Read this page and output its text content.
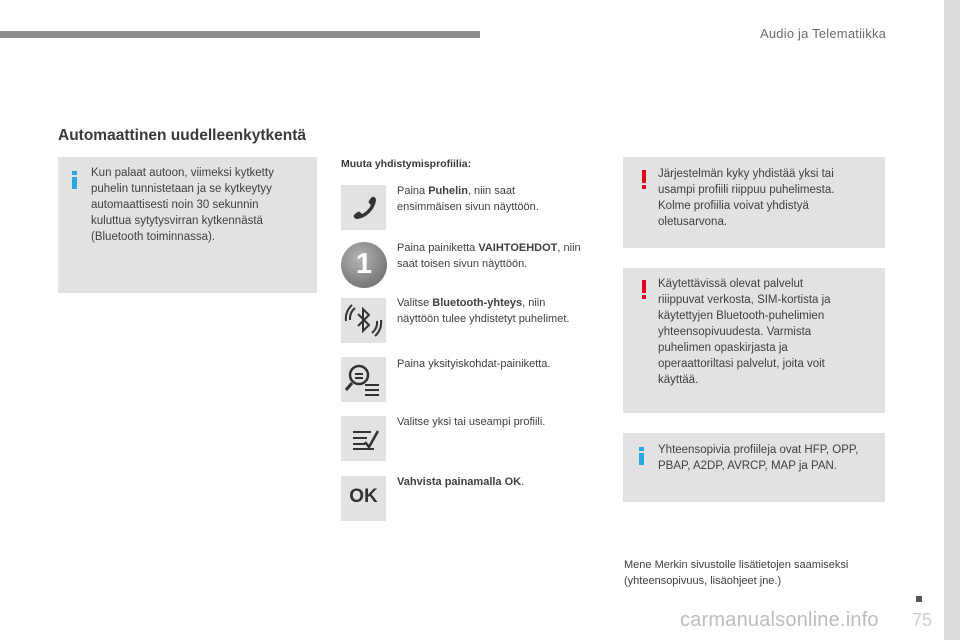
Audio ja Telematiikka
Automaattinen uudelleenkytkentä
Kun palaat autoon, viimeksi kytketty
puhelin tunnistetaan ja se kytkeytyy
automaattisesti noin 30 sekunnin
kuluttua sytytysvirran kytkennästä
(Bluetooth toiminnassa).
Muuta yhdistymisprofiilia:
Paina Puhelin, niin saat
ensimmäisen sivun näyttöön.
1	Paina painiketta VAIHTOEHDOT, niin
saat toisen sivun näyttöön.
Valitse Bluetooth-yhteys, niin
näyttöön tulee yhdistetyt puhelimet.
Paina yksityiskohdat-painiketta.
Valitse yksi tai useampi profiili.
OK
Vahvista painamalla OK.
Järjestelmän kyky yhdistää yksi tai
usampi profiili riippuu puhelimesta.
Kolme profiilia voivat yhdistyä
oletusarvona.
Käytettävissä olevat palvelut
riiippuvat verkosta, SIM-kortista ja
käytettyjen Bluetooth-puhelimien
yhteensopivuudesta. Varmista
puhelimen opaskirjasta ja
operaattoriltasi palvelut, joita voit
käyttää.
Yhteensopivia profiileja ovat HFP, OPP,
PBAP, A2DP, AVRCP, MAP ja PAN.
Mene Merkin sivustolle lisätietojen saamiseksi
(yhteensopivuus, lisäohjeet jne.)
carmanualsonline.info 75
